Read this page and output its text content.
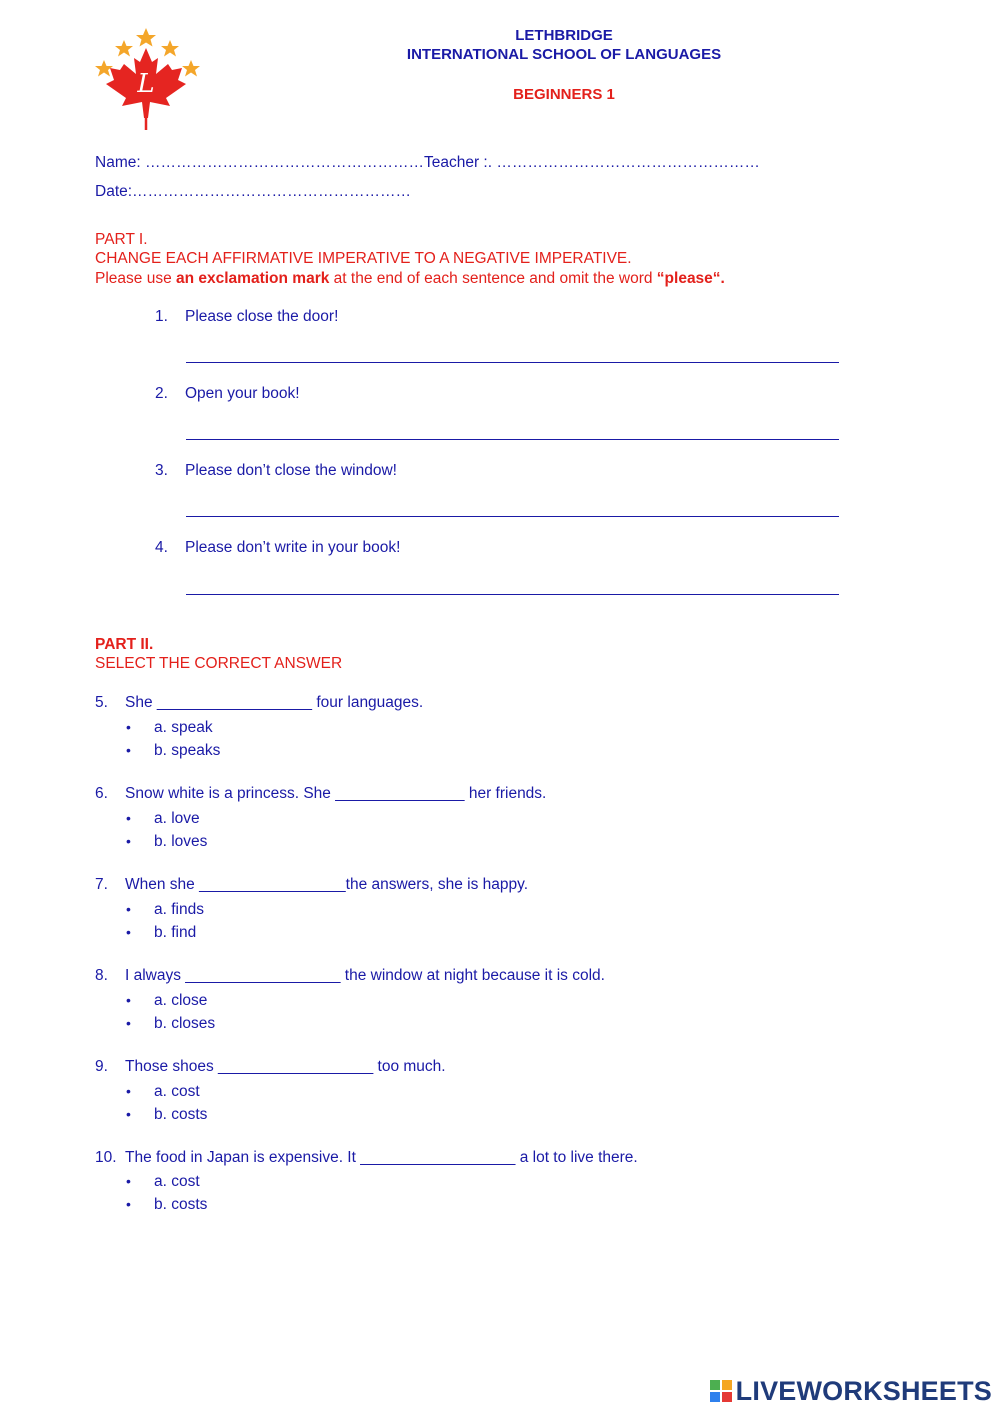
L
LETHBRIDGE
INTERNATIONAL SCHOOL OF LANGUAGES
BEGINNERS 1
Name: ………………………………………………Teacher :. ……………………………………………
Date:………………………………………………
PART I.
CHANGE EACH AFFIRMATIVE IMPERATIVE TO A NEGATIVE IMPERATIVE.
Please use an exclamation mark at the end of each sentence and omit the word “please“.
1. Please close the door!
2. Open your book!
3. Please don’t close the window!
4. Please don’t write in your book!
PART II.
SELECT THE CORRECT ANSWER
5. She __________________ four languages.
• a. speak
• b. speaks
6. Snow white is a princess. She _______________ her friends.
• a. love
• b. loves
7. When she _________________the answers, she is happy.
• a. finds
• b. find
8. I always __________________ the window at night because it is cold.
• a. close
• b. closes
9. Those shoes __________________ too much.
• a. cost
• b. costs
10. The food in Japan is expensive. It __________________ a lot to live there.
• a. cost
• b. costs
LIVEWORKSHEETS
